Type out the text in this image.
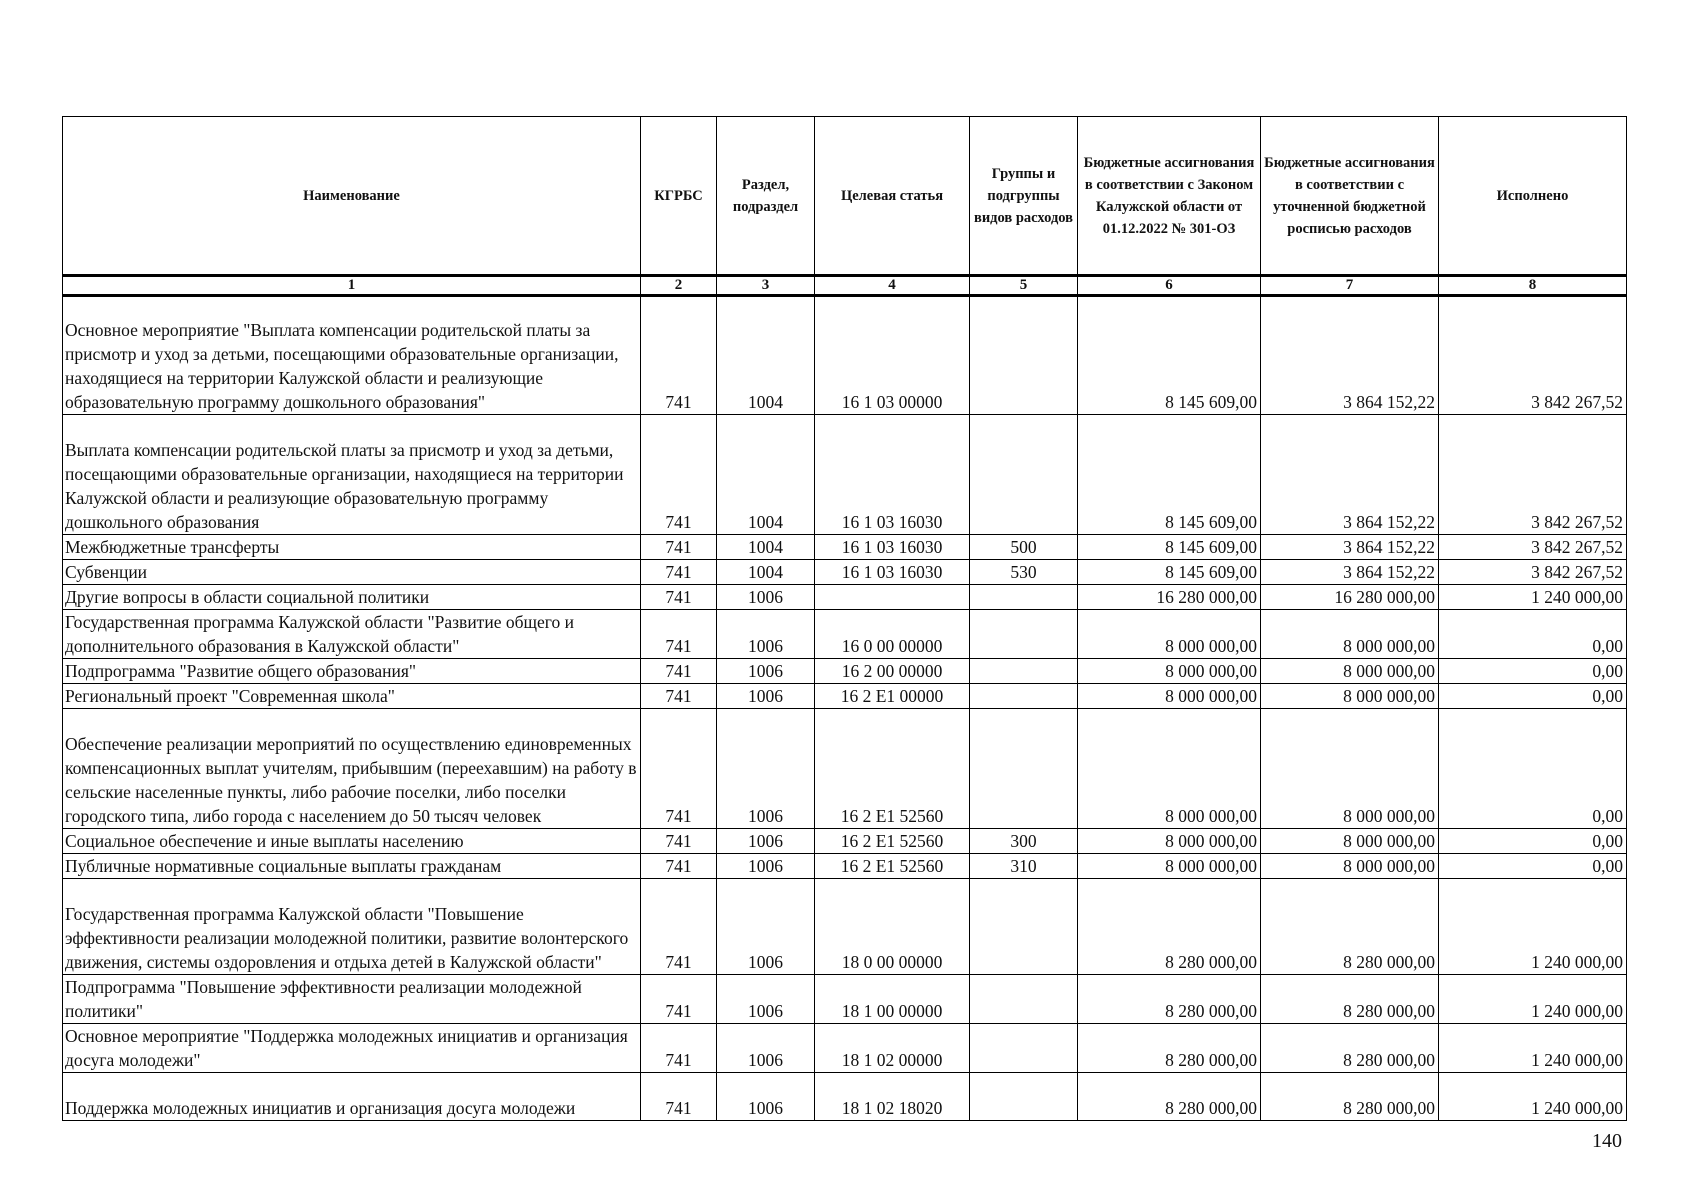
Наименование	КГРБС	Раздел, подраздел	Целевая статья	Группы и подгруппы видов расходов	Бюджетные ассигнования в соответствии с Законом Калужской области от 01.12.2022 № 301-ОЗ	Бюджетные ассигнования в соответствии с уточненной бюджетной росписью расходов	Исполнено
1	2	3	4	5	6	7	8
Основное мероприятие "Выплата компенсации родительской платы за присмотр и уход за детьми, посещающими образовательные организации, находящиеся на территории Калужской области и реализующие образовательную программу дошкольного образования"	741	1004	16 1 03 00000		8 145 609,00	3 864 152,22	3 842 267,52
Выплата компенсации родительской платы за присмотр и уход за детьми, посещающими образовательные организации, находящиеся на территории Калужской области и реализующие образовательную программу дошкольного образования	741	1004	16 1 03 16030		8 145 609,00	3 864 152,22	3 842 267,52
Межбюджетные трансферты	741	1004	16 1 03 16030	500	8 145 609,00	3 864 152,22	3 842 267,52
Субвенции	741	1004	16 1 03 16030	530	8 145 609,00	3 864 152,22	3 842 267,52
Другие вопросы в области социальной политики	741	1006			16 280 000,00	16 280 000,00	1 240 000,00
Государственная программа Калужской области "Развитие общего и дополнительного образования в Калужской области"	741	1006	16 0 00 00000		8 000 000,00	8 000 000,00	0,00
Подпрограмма "Развитие общего образования"	741	1006	16 2 00 00000		8 000 000,00	8 000 000,00	0,00
Региональный проект "Современная школа"	741	1006	16 2 E1 00000		8 000 000,00	8 000 000,00	0,00
Обеспечение реализации мероприятий по осуществлению единовременных компенсационных выплат учителям, прибывшим (переехавшим) на работу в сельские населенные пункты, либо рабочие поселки, либо поселки городского типа, либо города с населением до 50 тысяч человек	741	1006	16 2 E1 52560		8 000 000,00	8 000 000,00	0,00
Социальное обеспечение и иные выплаты населению	741	1006	16 2 E1 52560	300	8 000 000,00	8 000 000,00	0,00
Публичные нормативные социальные выплаты гражданам	741	1006	16 2 E1 52560	310	8 000 000,00	8 000 000,00	0,00
Государственная программа Калужской области "Повышение эффективности реализации молодежной политики, развитие волонтерского движения, системы оздоровления и отдыха детей в Калужской области"	741	1006	18 0 00 00000		8 280 000,00	8 280 000,00	1 240 000,00
Подпрограмма "Повышение эффективности реализации молодежной политики"	741	1006	18 1 00 00000		8 280 000,00	8 280 000,00	1 240 000,00
Основное мероприятие "Поддержка молодежных инициатив и организация досуга молодежи"	741	1006	18 1 02 00000		8 280 000,00	8 280 000,00	1 240 000,00
Поддержка молодежных инициатив и организация досуга молодежи	741	1006	18 1 02 18020		8 280 000,00	8 280 000,00	1 240 000,00
140
